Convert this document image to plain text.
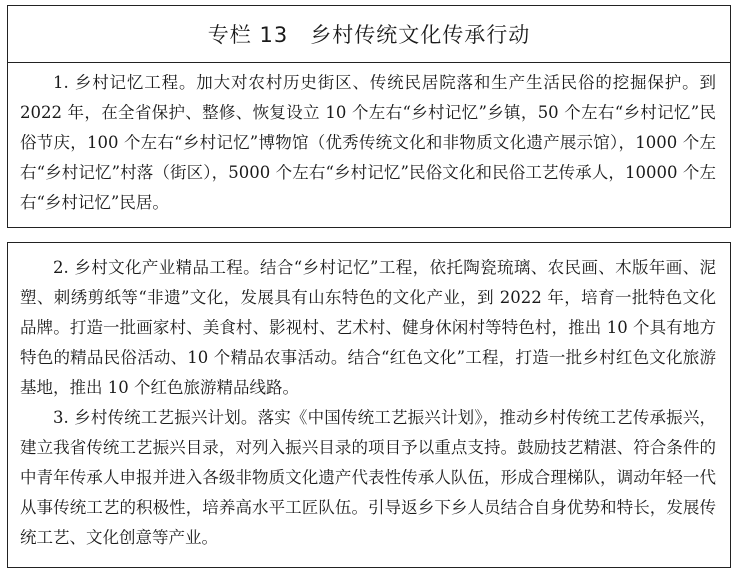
专栏 13 乡村传统文化传承行动

1. 乡村记忆工程。加大对农村历史街区、传统民居院落和生产生活民俗的挖掘保护。到 2022 年，在全省保护、整修、恢复设立 10 个左右“乡村记忆”乡镇，50 个左右“乡村记忆”民俗节庆，100 个左右“乡村记忆”博物馆（优秀传统文化和非物质文化遗产展示馆），1000 个左右“乡村记忆”村落（街区），5000 个左右“乡村记忆”民俗文化和民俗工艺传承人，10000 个左右“乡村记忆”民居。

2. 乡村文化产业精品工程。结合“乡村记忆”工程，依托陶瓷琉璃、农民画、木版年画、泥塑、刺绣剪纸等“非遗”文化，发展具有山东特色的文化产业，到 2022 年，培育一批特色文化品牌。打造一批画家村、美食村、影视村、艺术村、健身休闲村等特色村，推出 10 个具有地方特色的精品民俗活动、10 个精品农事活动。结合“红色文化”工程，打造一批乡村红色文化旅游基地，推出 10 个红色旅游精品线路。

3. 乡村传统工艺振兴计划。落实《中国传统工艺振兴计划》，推动乡村传统工艺传承振兴，建立我省传统工艺振兴目录，对列入振兴目录的项目予以重点支持。鼓励技艺精湛、符合条件的中青年传承人申报并进入各级非物质文化遗产代表性传承人队伍，形成合理梯队，调动年轻一代从事传统工艺的积极性，培养高水平工匠队伍。引导返乡下乡人员结合自身优势和特长，发展传统工艺、文化创意等产业。
